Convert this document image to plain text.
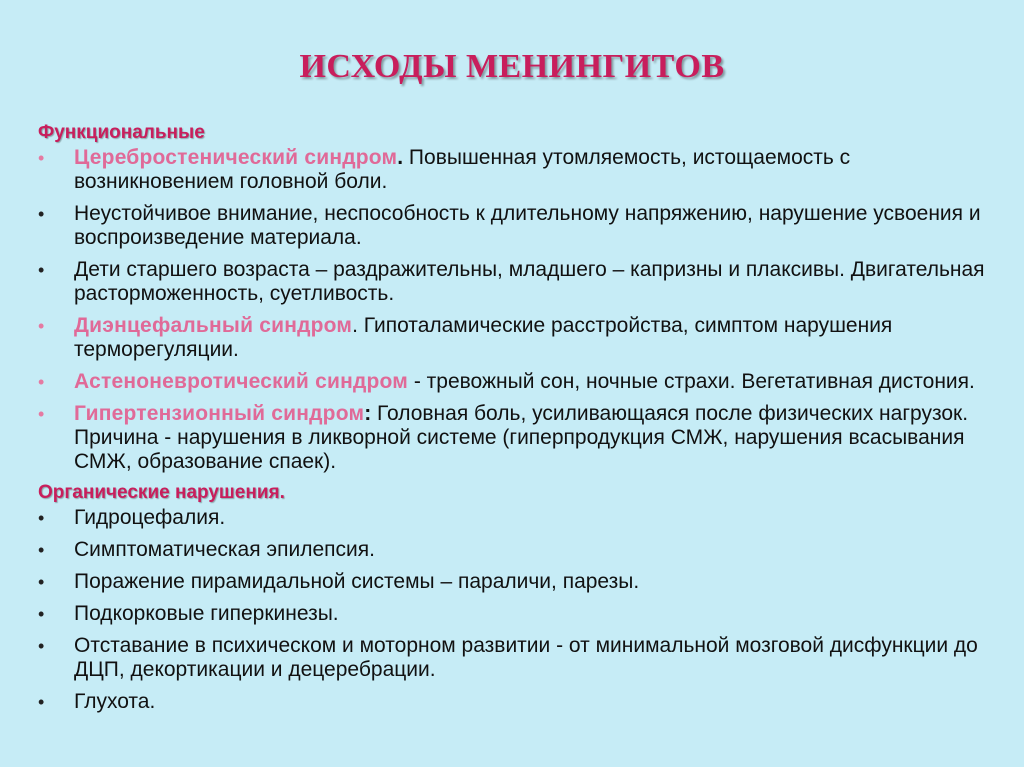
ИСХОДЫ МЕНИНГИТОВ
Функциональные
• Церебростенический синдром. Повышенная утомляемость, истощаемость с возникновением головной боли.
• Неустойчивое внимание, неспособность к длительному напряжению, нарушение усвоения и воспроизведение материала.
• Дети старшего возраста – раздражительны, младшего – капризны и плаксивы. Двигательная расторможенность, суетливость.
• Диэнцефальный синдром. Гипоталамические расстройства, симптом нарушения терморегуляции.
• Астеноневротический синдром - тревожный сон, ночные страхи. Вегетативная дистония.
• Гипертензионный синдром: Головная боль, усиливающаяся после физических нагрузок. Причина - нарушения в ликворной системе (гиперпродукция СМЖ, нарушения всасывания СМЖ, образование спаек).
Органические нарушения.
• Гидроцефалия.
• Симптоматическая эпилепсия.
• Поражение пирамидальной системы – параличи, парезы.
• Подкорковые гиперкинезы.
• Отставание в психическом и моторном развитии - от минимальной мозговой дисфункции до ДЦП, декортикации и децеребрации.
• Глухота.
